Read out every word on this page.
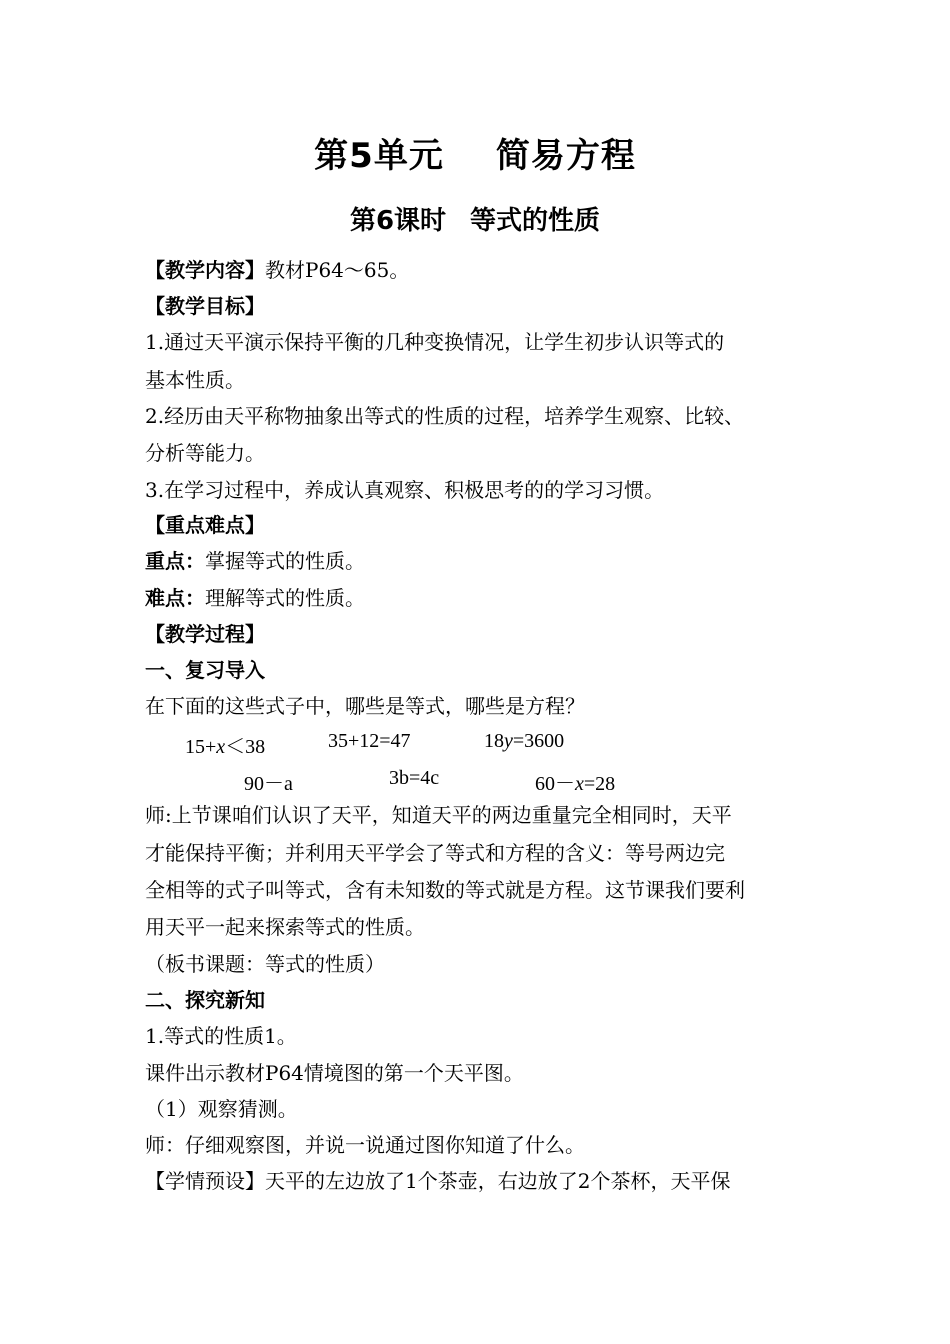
第5单元 简易方程
第6课时 等式的性质
【教学内容】教材P64～65。
【教学目标】
1.通过天平演示保持平衡的几种变换情况，让学生初步认识等式的
基本性质。
2.经历由天平称物抽象出等式的性质的过程，培养学生观察、比较、
分析等能力。
3.在学习过程中，养成认真观察、积极思考的的学习习惯。
【重点难点】
重点：掌握等式的性质。
难点：理解等式的性质。
【教学过程】
一、复习导入
在下面的这些式子中，哪些是等式，哪些是方程？
15+x＜38	35+12=47	18y=3600
90－a	3b=4c	60－x=28
师:上节课咱们认识了天平，知道天平的两边重量完全相同时，天平
才能保持平衡；并利用天平学会了等式和方程的含义：等号两边完
全相等的式子叫等式，含有未知数的等式就是方程。这节课我们要利
用天平一起来探索等式的性质。
（板书课题：等式的性质）
二、探究新知
1.等式的性质1。
课件出示教材P64情境图的第一个天平图。
（1）观察猜测。
师：仔细观察图，并说一说通过图你知道了什么。
【学情预设】天平的左边放了1个茶壶，右边放了2个茶杯，天平保
